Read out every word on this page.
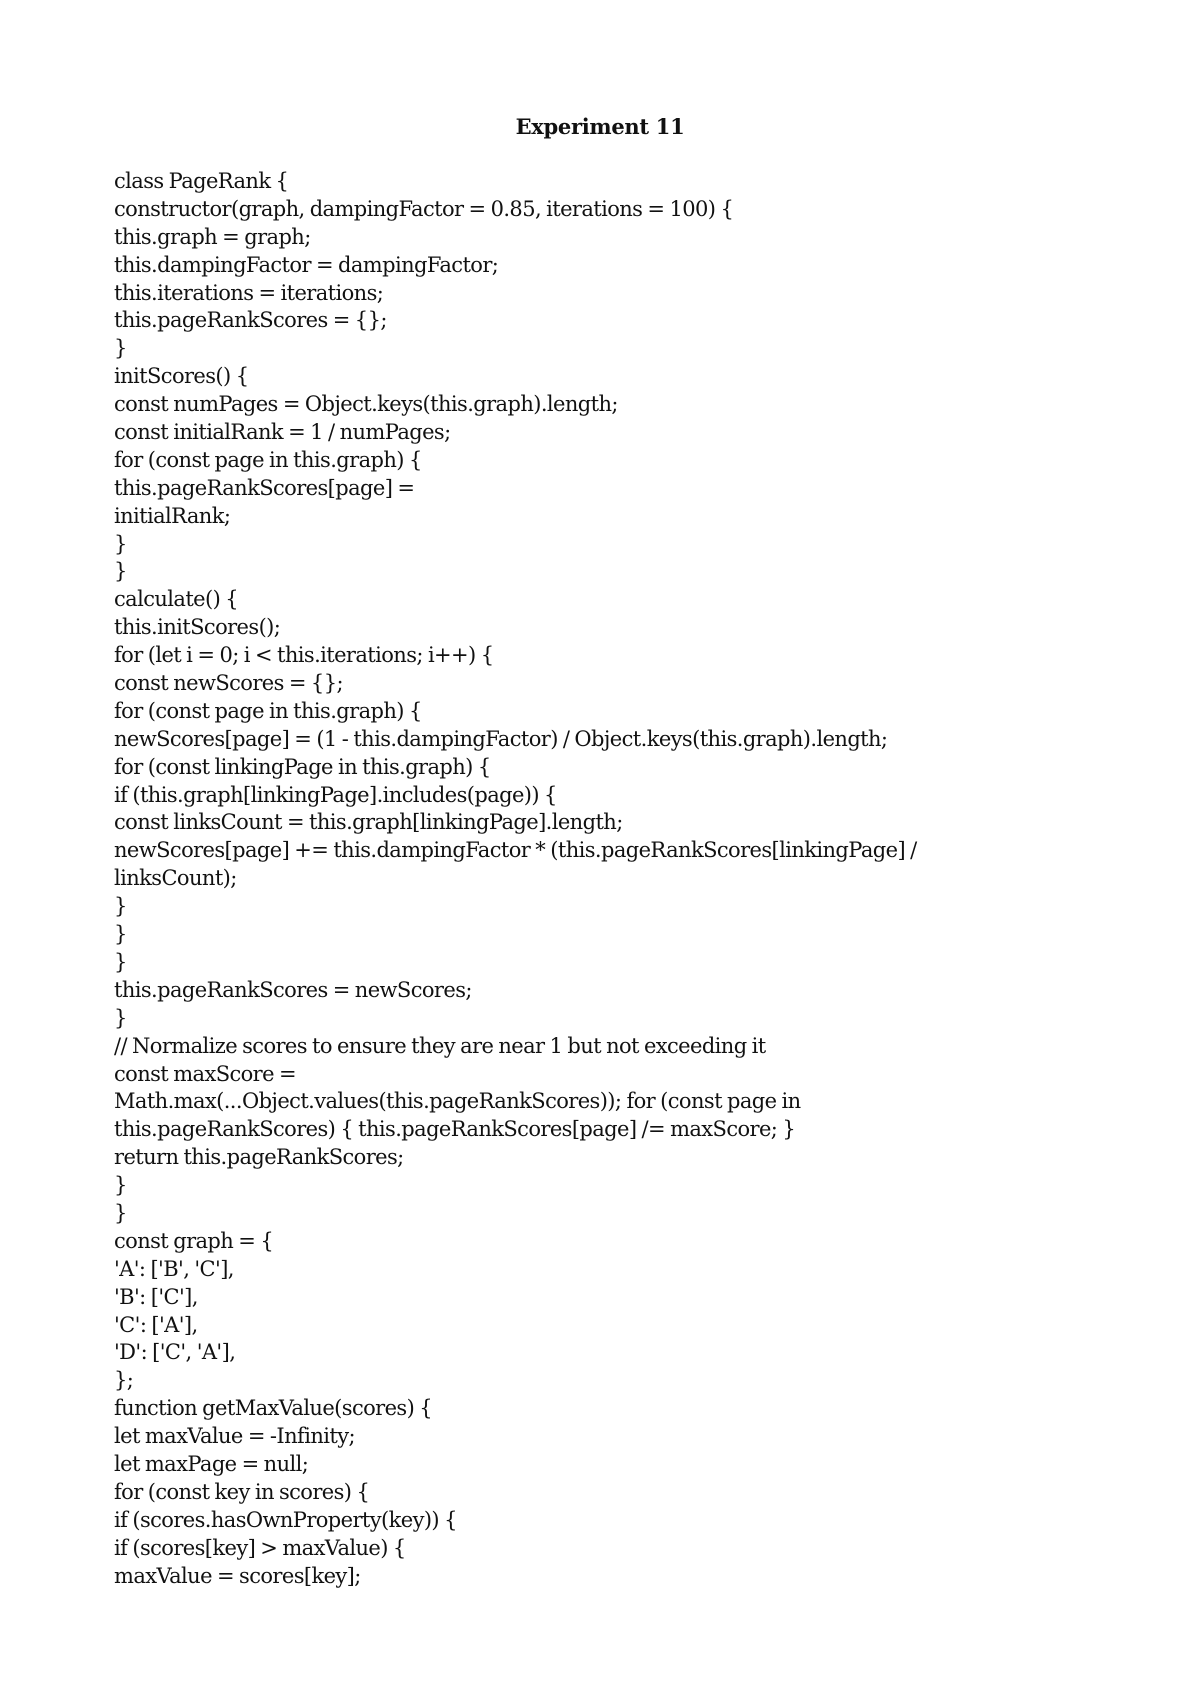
Experiment 11
class PageRank {
constructor(graph, dampingFactor = 0.85, iterations = 100) {
this.graph = graph;
this.dampingFactor = dampingFactor;
this.iterations = iterations;
this.pageRankScores = {};
}
initScores() {
const numPages = Object.keys(this.graph).length;
const initialRank = 1 / numPages;
for (const page in this.graph) {
this.pageRankScores[page] =
initialRank;
}
}
calculate() {
this.initScores();
for (let i = 0; i < this.iterations; i++) {
const newScores = {};
for (const page in this.graph) {
newScores[page] = (1 - this.dampingFactor) / Object.keys(this.graph).length;
for (const linkingPage in this.graph) {
if (this.graph[linkingPage].includes(page)) {
const linksCount = this.graph[linkingPage].length;
newScores[page] += this.dampingFactor * (this.pageRankScores[linkingPage] /
linksCount);
}
}
}
this.pageRankScores = newScores;
}
// Normalize scores to ensure they are near 1 but not exceeding it
const maxScore =
Math.max(...Object.values(this.pageRankScores)); for (const page in
this.pageRankScores) { this.pageRankScores[page] /= maxScore; }
return this.pageRankScores;
}
}
const graph = {
'A': ['B', 'C'],
'B': ['C'],
'C': ['A'],
'D': ['C', 'A'],
};
function getMaxValue(scores) {
let maxValue = -Infinity;
let maxPage = null;
for (const key in scores) {
if (scores.hasOwnProperty(key)) {
if (scores[key] > maxValue) {
maxValue = scores[key];
